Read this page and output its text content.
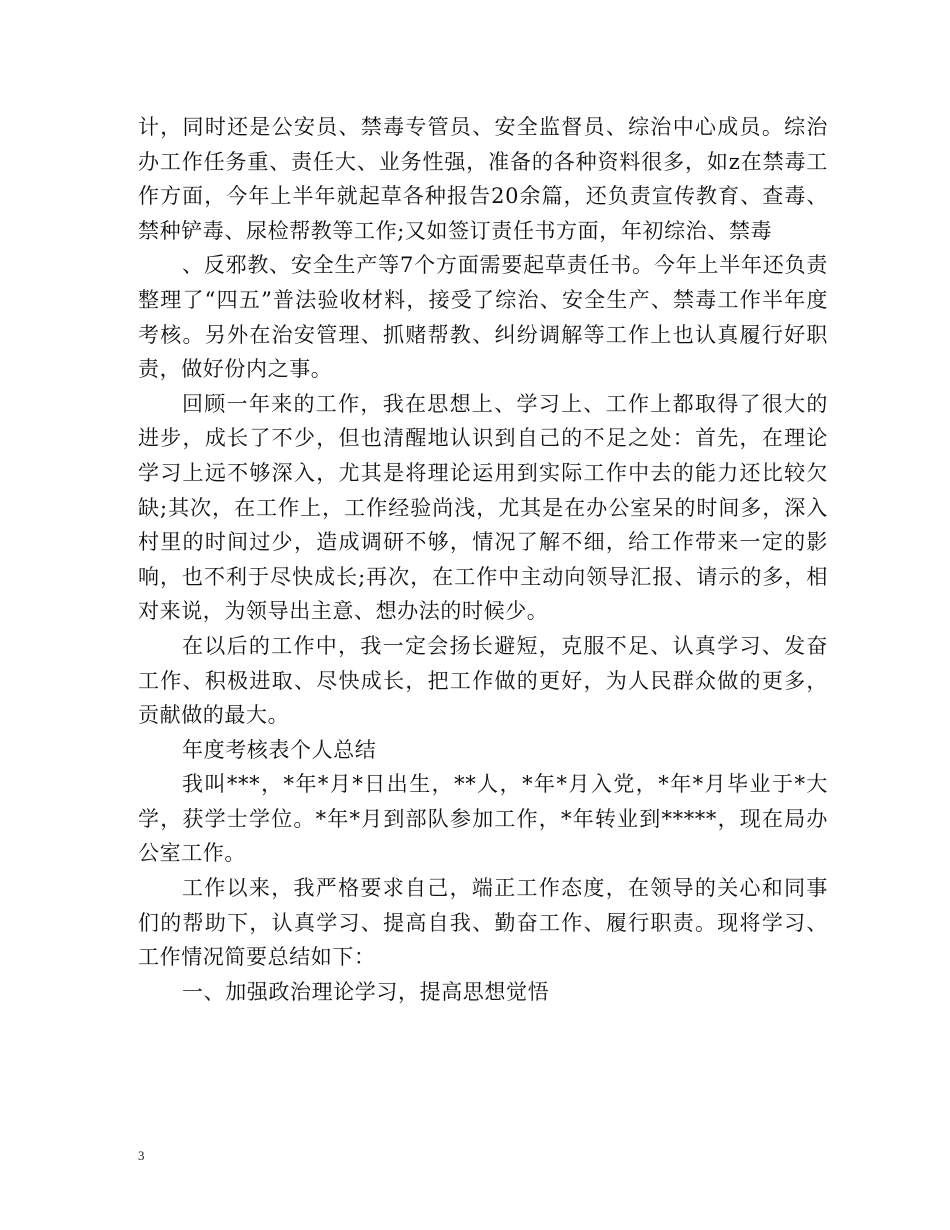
计，同时还是公安员、禁毒专管员、安全监督员、综治中心成员。综治办工作任务重、责任大、业务性强，准备的各种资料很多，如z在禁毒工作方面，今年上半年就起草各种报告20余篇，还负责宣传教育、查毒、禁种铲毒、尿检帮教等工作;又如签订责任书方面，年初综治、禁毒

、反邪教、安全生产等7个方面需要起草责任书。今年上半年还负责整理了“四五”普法验收材料，接受了综治、安全生产、禁毒工作半年度考核。另外在治安管理、抓赌帮教、纠纷调解等工作上也认真履行好职责，做好份内之事。

回顾一年来的工作，我在思想上、学习上、工作上都取得了很大的进步，成长了不少，但也清醒地认识到自己的不足之处：首先，在理论学习上远不够深入，尤其是将理论运用到实际工作中去的能力还比较欠缺;其次，在工作上，工作经验尚浅，尤其是在办公室呆的时间多，深入村里的时间过少，造成调研不够，情况了解不细，给工作带来一定的影响，也不利于尽快成长;再次，在工作中主动向领导汇报、请示的多，相对来说，为领导出主意、想办法的时候少。

在以后的工作中，我一定会扬长避短，克服不足、认真学习、发奋工作、积极进取、尽快成长，把工作做的更好，为人民群众做的更多，贡献做的最大。

年度考核表个人总结

我叫***，*年*月*日出生，**人，*年*月入党，*年*月毕业于*大学，获学士学位。*年*月到部队参加工作，*年转业到*****，现在局办公室工作。

工作以来，我严格要求自己，端正工作态度，在领导的关心和同事们的帮助下，认真学习、提高自我、勤奋工作、履行职责。现将学习、工作情况简要总结如下：

一、加强政治理论学习，提高思想觉悟

3
